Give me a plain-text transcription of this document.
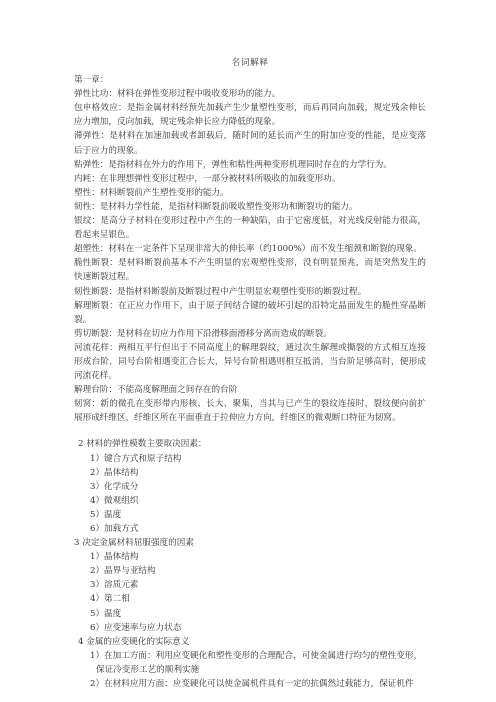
名词解释
第一章：
弹性比功：材料在弹性变形过程中吸收变形功的能力。
包申格效应：是指金属材料经预先加载产生少量塑性变形，而后再同向加载，规定残余伸长应力增加，反向加载，规定残余伸长应力降低的现象。
滞弹性：是材料在加速加载或者卸载后，随时间的延长而产生的附加应变的性能，是应变落后于应力的现象。
粘弹性：是指材料在外力的作用下，弹性和粘性两种变形机理同时存在的力学行为。
内耗：在非理想弹性变形过程中，一部分被材料所吸收的加载变形功。
塑性：材料断裂前产生塑性变形的能力。
韧性：是材料力学性能，是指材料断裂前吸收塑性变形功和断裂功的能力。
银纹：是高分子材料在变形过程中产生的一种缺陷，由于它密度低，对光线反射能力很高，看起来呈银色。
超塑性：材料在一定条件下呈现非常大的伸长率（约1000%）而不发生缩颈和断裂的现象。
脆性断裂：是材料断裂前基本不产生明显的宏观塑性变形，没有明显预兆，而是突然发生的快速断裂过程。
韧性断裂：是指材料断裂前及断裂过程中产生明显宏观塑性变形的断裂过程。
解理断裂：在正应力作用下，由于原子间结合键的破坏引起的沿特定晶面发生的脆性穿晶断裂。
剪切断裂：是材料在切应力作用下沿滑移面滑移分离而造成的断裂。
河流花样：两相互平行但出于不同高度上的解理裂纹，通过次生解理或撕裂的方式相互连接形成台阶，同号台阶相遇变汇合长大，异号台阶相遇则相互抵消，当台阶足够高时，便形成河流花样。
解理台阶：不能高度解理面之间存在的台阶
韧窝：新的微孔在变形带内形核、长大、聚集，当其与已产生的裂纹连接时，裂纹便向前扩展形成纤维区，纤维区所在平面垂直于拉伸应力方向，纤维区的微观断口特征为韧窝。
2 材料的弹性模数主要取决因素：
1）键合方式和原子结构
2）晶体结构
3）化学成分
4）微观组织
5）温度
6）加载方式
3 决定金属材料屈服强度的因素
1）晶体结构
2）晶界与亚结构
3）溶质元素
4）第二相
5）温度
6）应变速率与应力状态
4 金属的应变硬化的实际意义
1）在加工方面：利用应变硬化和塑性变形的合理配合，可使金属进行均匀的塑性变形，
保证冷变形工艺的顺利实施
2）在材料应用方面：应变硬化可以使金属机件具有一定的抗偶然过载能力，保证机件
